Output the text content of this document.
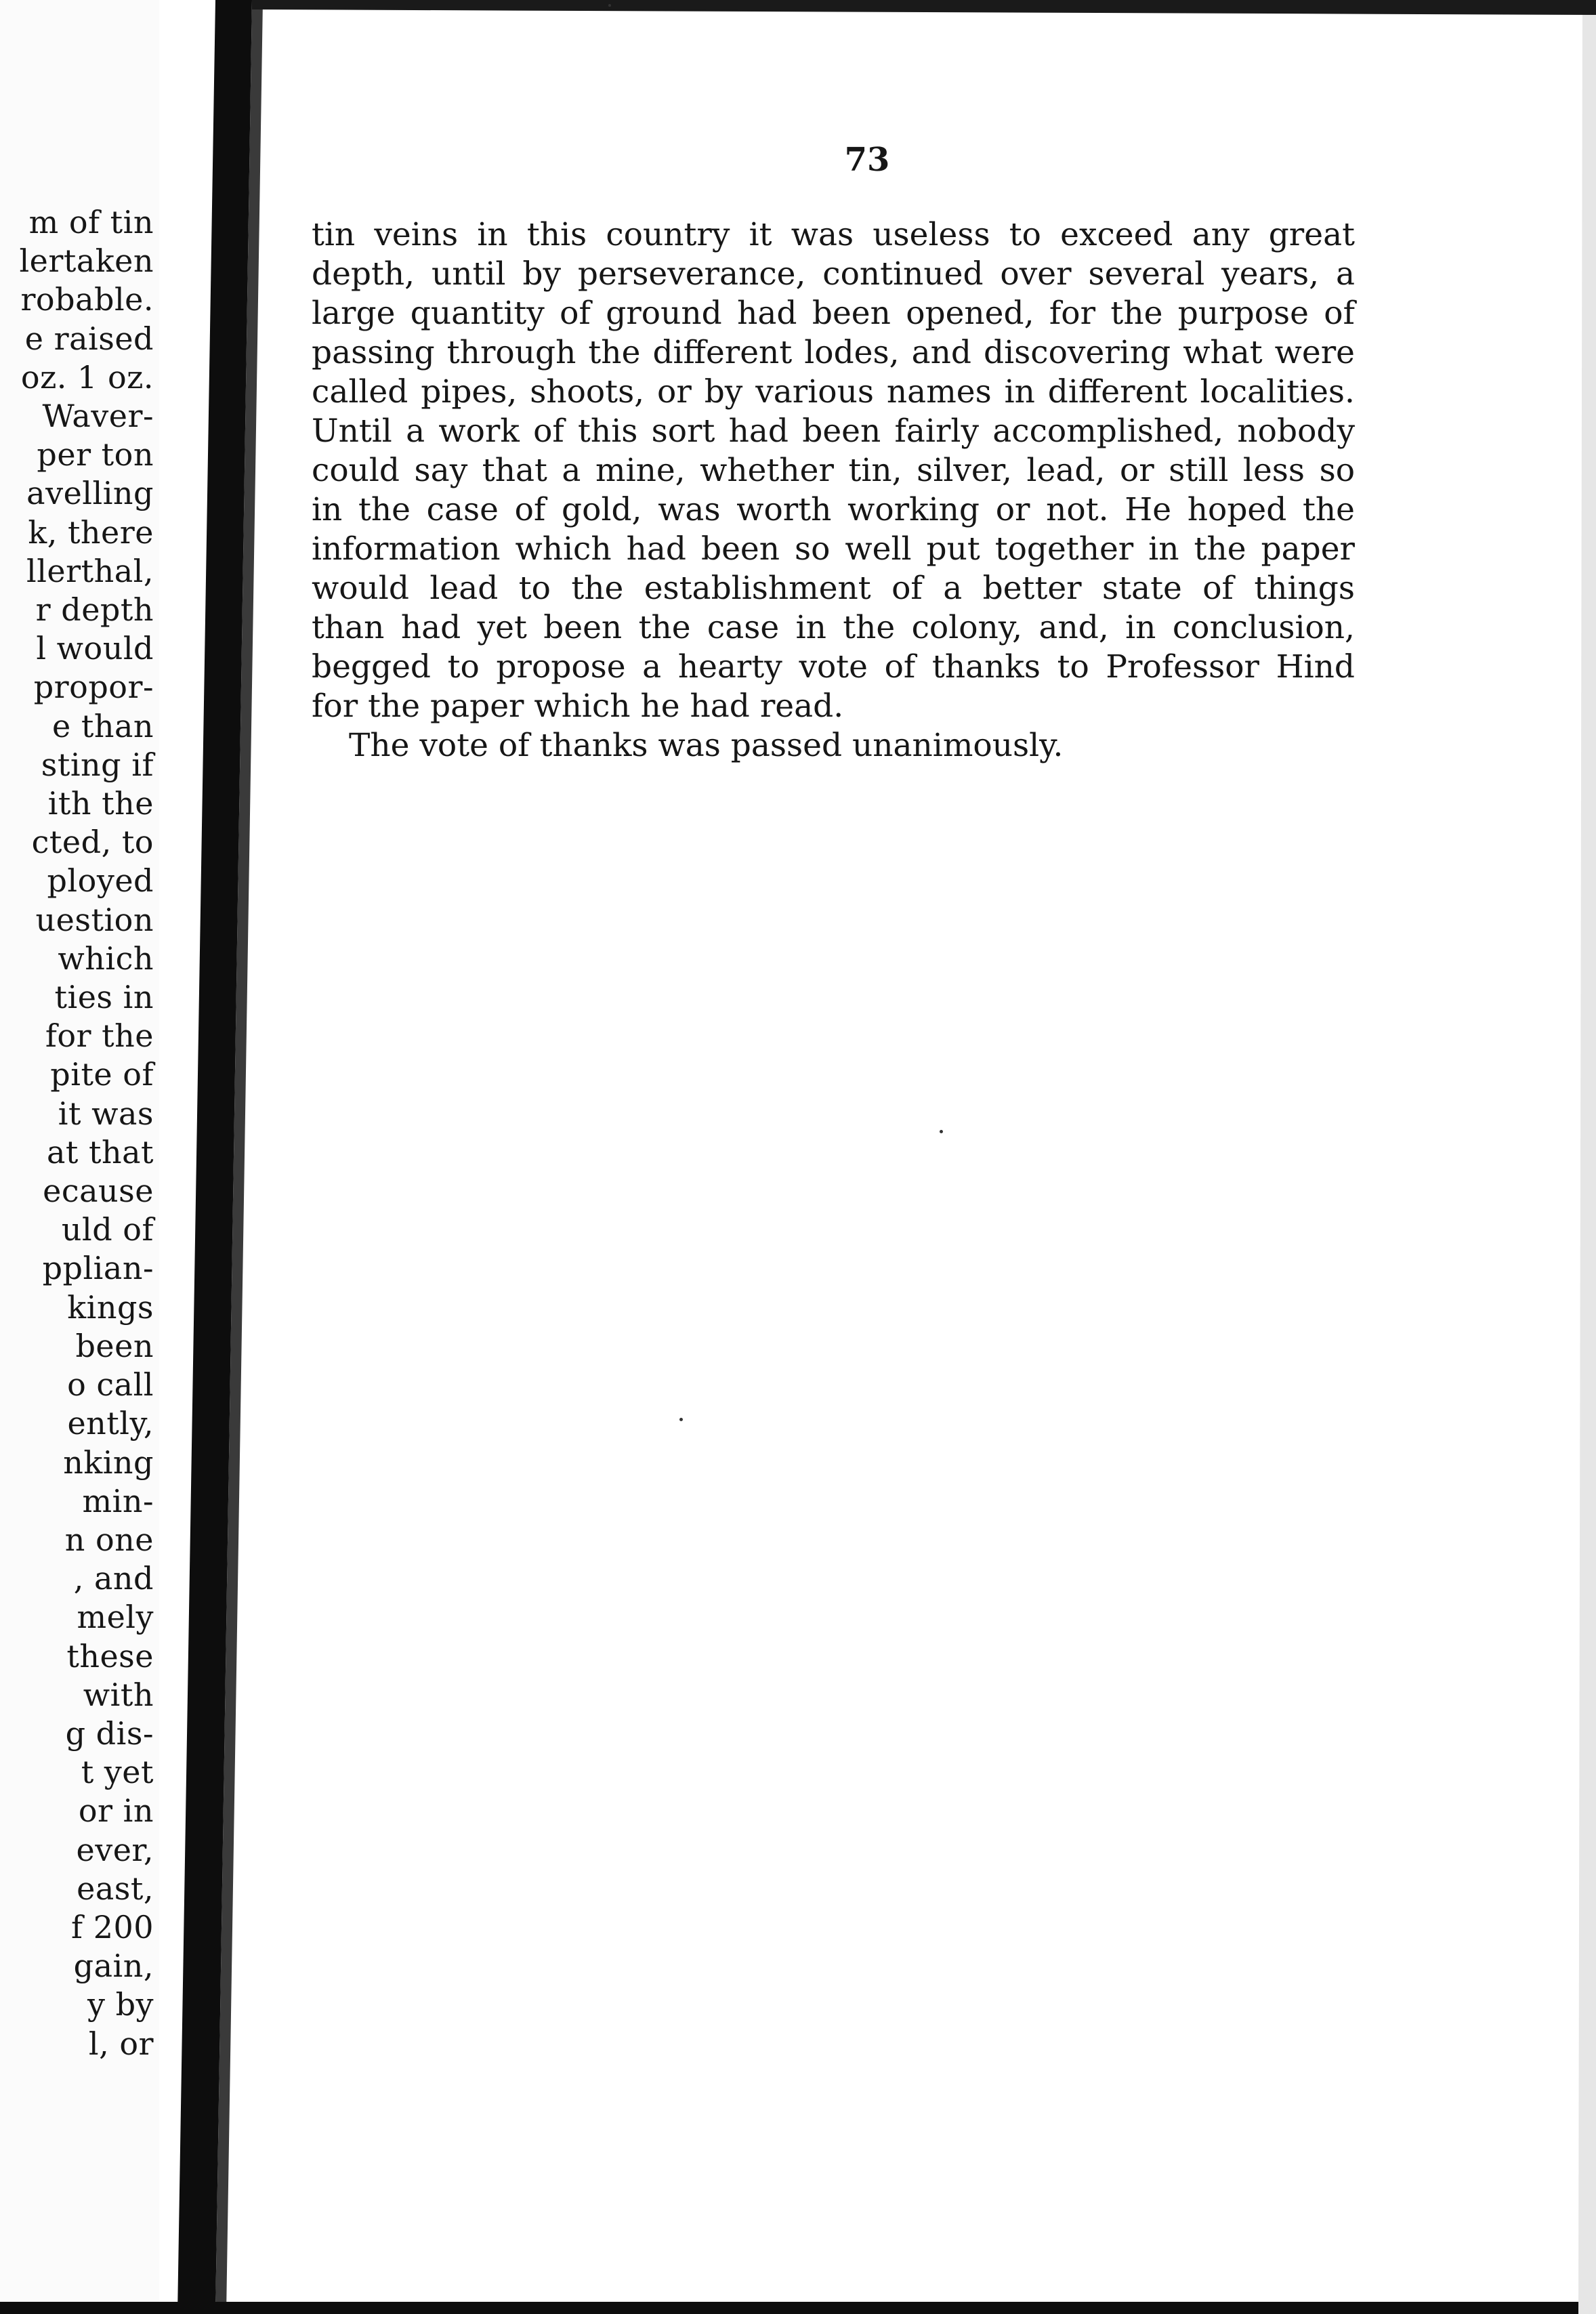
m of tin
lertaken
robable.
e raised
oz. 1 oz.
Waver-
per ton
avelling
k, there
llerthal,
r depth
l would
propor-
e than
sting if
ith the
cted, to
ployed
uestion
which
ties in
for the
pite of
it was
at that
ecause
uld of
pplian-
kings
been
o call
ently,
nking
min-
n one
, and
mely
these
with
g dis-
t yet
or in
ever,
east,
f 200
gain,
y by
l, or
73
tin veins in this country it was useless to exceed any great
depth, until by perseverance, continued over several years, a
large quantity of ground had been opened, for the purpose of
passing through the different lodes, and discovering what were
called pipes, shoots, or by various names in different localities.
Until a work of this sort had been fairly accomplished, nobody
could say that a mine, whether tin, silver, lead, or still less so
in the case of gold, was worth working or not. He hoped the
information which had been so well put together in the paper
would lead to the establishment of a better state of things
than had yet been the case in the colony, and, in conclusion,
begged to propose a hearty vote of thanks to Professor Hind
for the paper which he had read.
The vote of thanks was passed unanimously.
